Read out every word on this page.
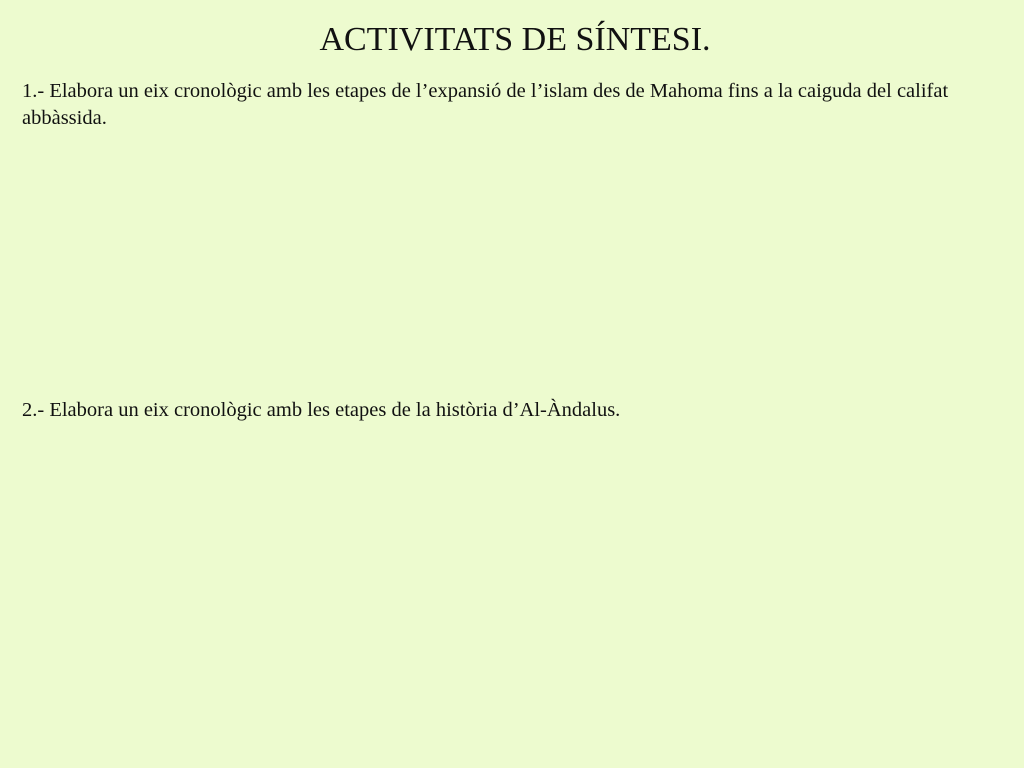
ACTIVITATS DE SÍNTESI.

1.- Elabora un eix cronològic amb les etapes de l’expansió de l’islam des de Mahoma fins a la caiguda del califat abbàssida.

2.- Elabora un eix cronològic amb les etapes de la història d’Al-Àndalus.
